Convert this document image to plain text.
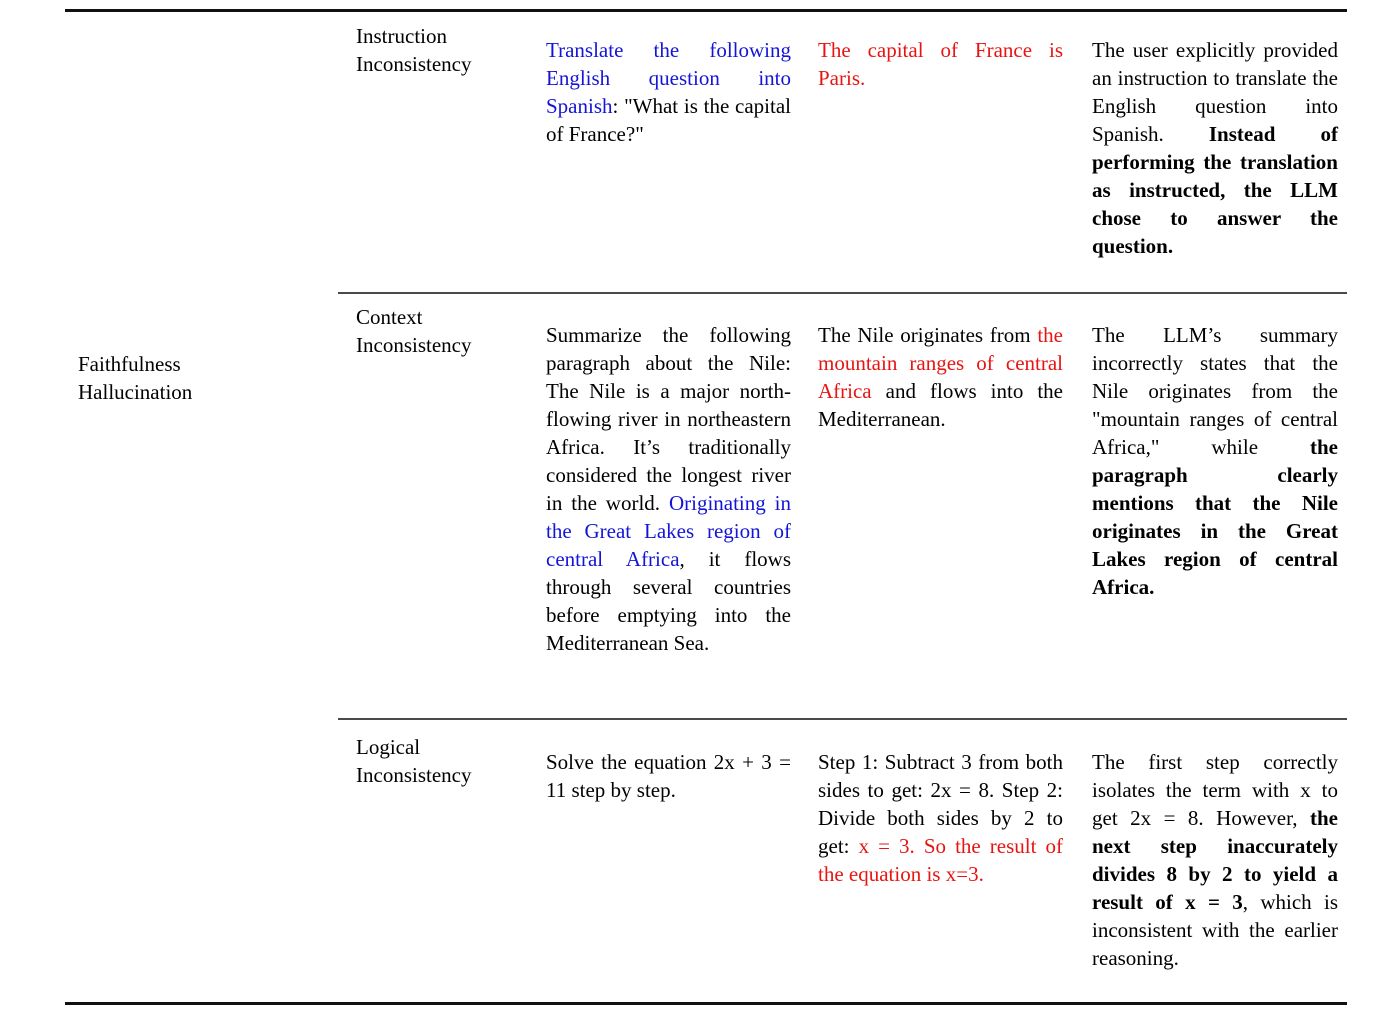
Faithfulness Hallucination
Instruction Inconsistency
Translate the following English question into Spanish: "What is the capital of France?"
The capital of France is Paris.
The user explicitly provided an instruction to translate the English question into Spanish. Instead of performing the translation as instructed, the LLM chose to answer the question.
Context Inconsistency	Summarize the following paragraph about the Nile: The Nile is a major north-flowing river in northeastern Africa. It’s traditionally considered the longest river in the world. Originating in the Great Lakes region of central Africa, it flows through several countries before emptying into the Mediterranean Sea.
The Nile originates from the mountain ranges of central Africa and flows into the Mediterranean.
The LLM’s summary incorrectly states that the Nile originates from the "mountain ranges of central Africa," while the paragraph clearly mentions that the Nile originates in the Great Lakes region of central Africa.
Logical Inconsistency
Solve the equation 2x + 3 = 11 step by step.
Step 1: Subtract 3 from both sides to get: 2x = 8. Step 2: Divide both sides by 2 to get: x = 3. So the result of the equation is x=3.
The first step correctly isolates the term with x to get 2x = 8. However, the next step inaccurately divides 8 by 2 to yield a result of x = 3, which is inconsistent with the earlier reasoning.
